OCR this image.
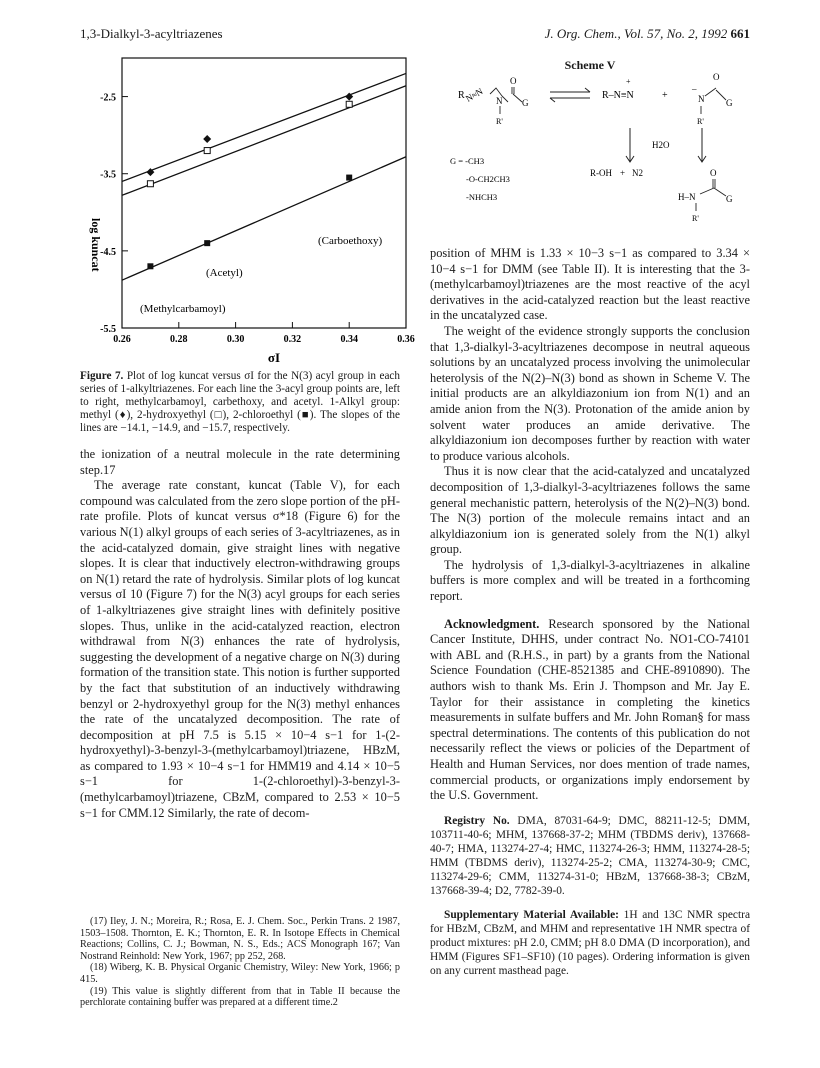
1,3-Dialkyl-3-acyltriazenes	J. Org. Chem., Vol. 57, No. 2, 1992 661
0.26	0.28	0.30	0.32	0.34	0.36
-2.5
-3.5
-4.5
-5.5
(Carboethoxy)
(Acetyl)
(Methylcarbamoyl)
log kuncat
σI
Figure 7. Plot of log kuncat versus σI for the N(3) acyl group in each series of 1-alkyltriazenes. For each line the 3-acyl group points are, left to right, methylcarbamoyl, carbethoxy, and acetyl. 1-Alkyl group: methyl (♦), 2-hydroxyethyl (□), 2-chloroethyl (■). The slopes of the lines are −14.1, −14.9, and −15.7, respectively.

the ionization of a neutral molecule in the rate determining step.17

The average rate constant, kuncat (Table V), for each compound was calculated from the zero slope portion of the pH-rate profile. Plots of kuncat versus σ*18 (Figure 6) for the various N(1) alkyl groups of each series of 3-acyltriazenes, as in the acid-catalyzed domain, give straight lines with negative slopes. It is clear that inductively electron-withdrawing groups on N(1) retard the rate of hydrolysis. Similar plots of log kuncat versus σI 10 (Figure 7) for the N(3) acyl groups for each series of 1-alkyltriazenes give straight lines with definitely positive slopes. Thus, unlike in the acid-catalyzed reaction, electron withdrawal from N(3) enhances the rate of hydrolysis, suggesting the development of a negative charge on N(3) during formation of the transition state. This notion is further supported by the fact that substitution of an inductively withdrawing benzyl or 2-hydroxyethyl group for the N(3) methyl enhances the rate of the uncatalyzed decomposition. The rate of decomposition at pH 7.5 is 5.15 × 10−4 s−1 for 1-(2-hydroxyethyl)-3-benzyl-3-(methylcarbamoyl)triazene, HBzM, as compared to 1.93 × 10−4 s−1 for HMM19 and 4.14 × 10−5 s−1 for 1-(2-chloroethyl)-3-benzyl-3-(methylcarbamoyl)triazene, CBzM, compared to 2.53 × 10−5 s−1 for CMM.12 Similarly, the rate of decom-

(17) Iley, J. N.; Moreira, R.; Rosa, E. J. Chem. Soc., Perkin Trans. 2 1987, 1503–1508. Thornton, E. K.; Thornton, E. R. In Isotope Effects in Chemical Reactions; Collins, C. J.; Bowman, N. S., Eds.; ACS Monograph 167; Van Nostrand Reinhold: New York, 1967; pp 252, 268.

(18) Wiberg, K. B. Physical Organic Chemistry, Wiley: New York, 1966; p 415.

(19) This value is slightly different from that in Table II because the perchlorate containing buffer was prepared at a different time.2

Scheme V
R N≈N
O
G
N
R'
+
R–N≡N	+
–
N
O
G
R'
H2O
G = -CH3
-O-CH2CH3
-NHCH3
R-OH + N2	O
H–N	G
R'

position of MHM is 1.33 × 10−3 s−1 as compared to 3.34 × 10−4 s−1 for DMM (see Table II). It is interesting that the 3-(methylcarbamoyl)triazenes are the most reactive of the acyl derivatives in the acid-catalyzed reaction but the least reactive in the uncatalyzed case.

The weight of the evidence strongly supports the conclusion that 1,3-dialkyl-3-acyltriazenes decompose in neutral aqueous solutions by an uncatalyzed process involving the unimolecular heterolysis of the N(2)–N(3) bond as shown in Scheme V. The initial products are an alkyldiazonium ion from N(1) and an amide anion from the N(3). Protonation of the amide anion by solvent water produces an amide derivative. The alkyldiazonium ion decomposes further by reaction with water to produce various alcohols.

Thus it is now clear that the acid-catalyzed and uncatalyzed decomposition of 1,3-dialkyl-3-acyltriazenes follows the same general mechanistic pattern, heterolysis of the N(2)–N(3) bond. The N(3) portion of the molecule remains intact and an alkyldiazonium ion is generated solely from the N(1) alkyl group.

The hydrolysis of 1,3-dialkyl-3-acyltriazenes in alkaline buffers is more complex and will be treated in a forthcoming report.

Acknowledgment. Research sponsored by the National Cancer Institute, DHHS, under contract No. NO1-CO-74101 with ABL and (R.H.S., in part) by a grants from the National Science Foundation (CHE-8521385 and CHE-8910890). The authors wish to thank Ms. Erin J. Thompson and Mr. Jay E. Taylor for their assistance in completing the kinetics measurements in sulfate buffers and Mr. John Roman§ for mass spectral determinations. The contents of this publication do not necessarily reflect the views or policies of the Department of Health and Human Services, nor does mention of trade names, commercial products, or organizations imply endorsement by the U.S. Government.

Registry No. DMA, 87031-64-9; DMC, 88211-12-5; DMM, 103711-40-6; MHM, 137668-37-2; MHM (TBDMS deriv), 137668-40-7; HMA, 113274-27-4; HMC, 113274-26-3; HMM, 113274-28-5; HMM (TBDMS deriv), 113274-25-2; CMA, 113274-30-9; CMC, 113274-29-6; CMM, 113274-31-0; HBzM, 137668-38-3; CBzM, 137668-39-4; D2, 7782-39-0.

Supplementary Material Available: 1H and 13C NMR spectra for HBzM, CBzM, and MHM and representative 1H NMR spectra of product mixtures: pH 2.0, CMM; pH 8.0 DMA (D incorporation), and HMM (Figures SF1–SF10) (10 pages). Ordering information is given on any current masthead page.
